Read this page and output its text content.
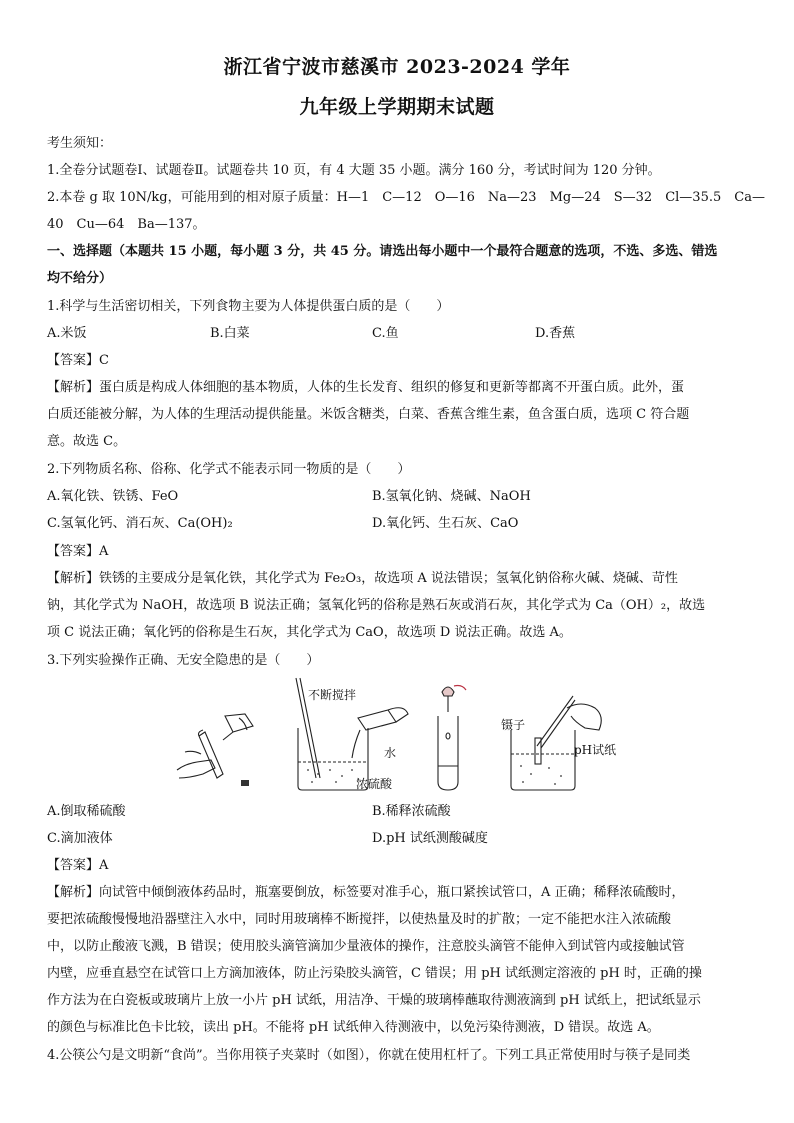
浙江省宁波市慈溪市 2023-2024 学年
九年级上学期期末试题
考生须知：
1.全卷分试题卷Ⅰ、试题卷Ⅱ。试题卷共 10 页，有 4 大题 35 小题。满分 160 分，考试时间为 120 分钟。
2.本卷 g 取 10N/kg，可能用到的相对原子质量：H—1　C—12　O—16　Na—23　Mg—24　S—32　Cl—35.5　Ca—
40　Cu—64　Ba—137。
一、选择题（本题共 15 小题，每小题 3 分，共 45 分。请选出每小题中一个最符合题意的选项，不选、多选、错选
均不给分）
1.科学与生活密切相关，下列食物主要为人体提供蛋白质的是（　　）
A.米饭	B.白菜	C.鱼	D.香蕉
【答案】C
【解析】蛋白质是构成人体细胞的基本物质，人体的生长发育、组织的修复和更新等都离不开蛋白质。此外，蛋
白质还能被分解，为人体的生理活动提供能量。米饭含糖类，白菜、香蕉含维生素，鱼含蛋白质，选项 C 符合题
意。故选 C。
2.下列物质名称、俗称、化学式不能表示同一物质的是（　　）
A.氧化铁、铁锈、FeO	B.氢氧化钠、烧碱、NaOH
C.氢氧化钙、消石灰、Ca(OH)₂	D.氧化钙、生石灰、CaO
【答案】A
【解析】铁锈的主要成分是氧化铁，其化学式为 Fe₂O₃，故选项 A 说法错误；氢氧化钠俗称火碱、烧碱、苛性
钠，其化学式为 NaOH，故选项 B 说法正确；氢氧化钙的俗称是熟石灰或消石灰，其化学式为 Ca（OH）₂，故选
项 C 说法正确；氧化钙的俗称是生石灰，其化学式为 CaO，故选项 D 说法正确。故选 A。
3.下列实验操作正确、无安全隐患的是（　　）
不断搅拌
水
浓硫酸
镊子
pH试纸
A.倒取稀硫酸	B.稀释浓硫酸
C.滴加液体	D.pH 试纸测酸碱度
【答案】A
【解析】向试管中倾倒液体药品时，瓶塞要倒放，标签要对准手心，瓶口紧挨试管口，A 正确；稀释浓硫酸时，
要把浓硫酸慢慢地沿器壁注入水中，同时用玻璃棒不断搅拌，以使热量及时的扩散；一定不能把水注入浓硫酸
中，以防止酸液飞溅，B 错误；使用胶头滴管滴加少量液体的操作，注意胶头滴管不能伸入到试管内或接触试管
内壁，应垂直悬空在试管口上方滴加液体，防止污染胶头滴管，C 错误；用 pH 试纸测定溶液的 pH 时，正确的操
作方法为在白瓷板或玻璃片上放一小片 pH 试纸，用洁净、干燥的玻璃棒蘸取待测液滴到 pH 试纸上，把试纸显示
的颜色与标准比色卡比较，读出 pH。不能将 pH 试纸伸入待测液中，以免污染待测液，D 错误。故选 A。
4.公筷公勺是文明新“食尚”。当你用筷子夹菜时（如图），你就在使用杠杆了。下列工具正常使用时与筷子是同类
